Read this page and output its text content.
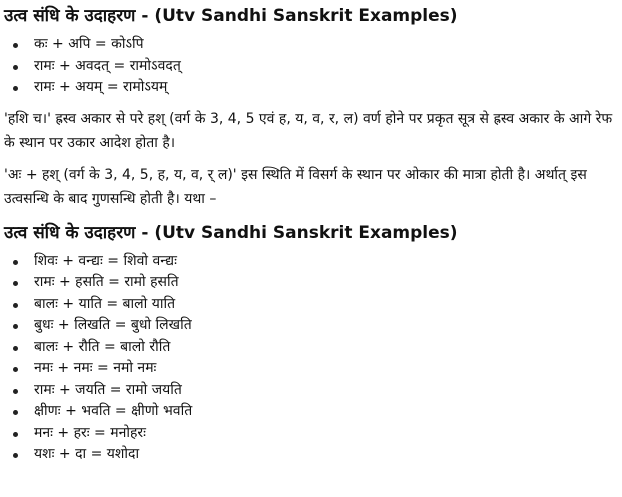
उत्व संधि के उदाहरण - (Utv Sandhi Sanskrit Examples)
कः + अपि = कोऽपि
रामः + अवदत् = रामोऽवदत्
रामः + अयम् = रामोऽयम्

'हशि च।' ह्रस्व अकार से परे हश् (वर्ग के 3, 4, 5 एवं ह, य, व, र, ल) वर्ण होने पर प्रकृत सूत्र से ह्रस्व अकार के आगे रेफ के स्थान पर उकार आदेश होता है।

'अः + हश् (वर्ग के 3, 4, 5, ह, य, व, र् ल)' इस स्थिति में विसर्ग के स्थान पर ओकार की मात्रा होती है। अर्थात् इस उत्वसन्धि के बाद गुणसन्धि होती है। यथा –

उत्व संधि के उदाहरण - (Utv Sandhi Sanskrit Examples)
शिवः + वन्द्यः = शिवो वन्द्यः
रामः + हसति = रामो हसति
बालः + याति = बालो याति
बुधः + लिखति = बुधो लिखति
बालः + रौति = बालो रौति
नमः + नमः = नमो नमः
रामः + जयति = रामो जयति
क्षीणः + भवति = क्षीणो भवति
मनः + हरः = मनोहरः
यशः + दा = यशोदा
